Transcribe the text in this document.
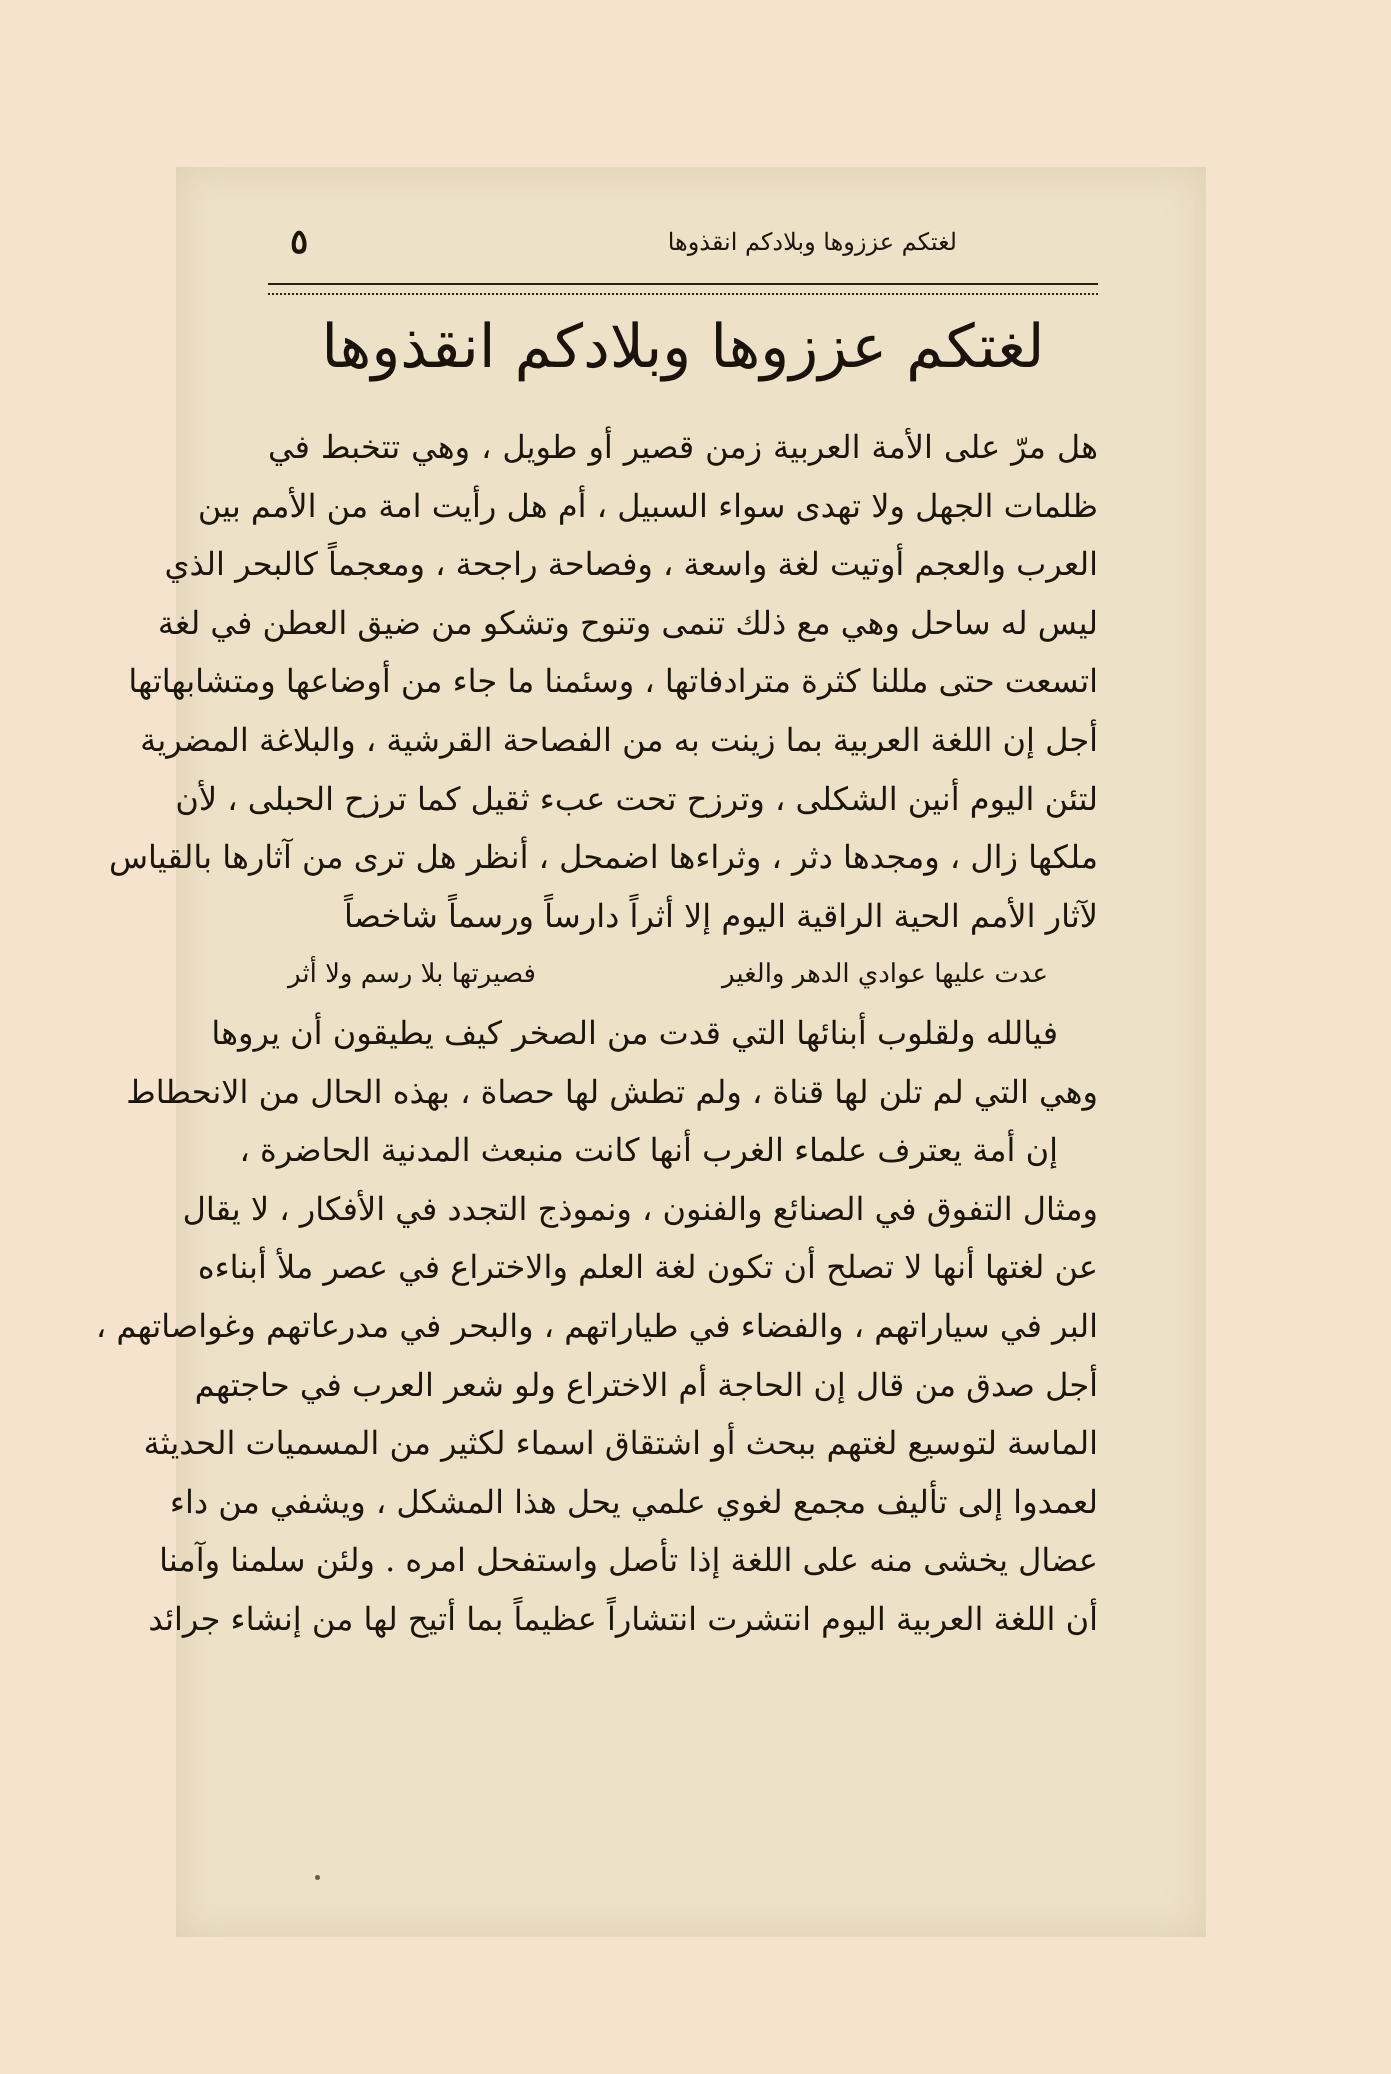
٥	لغتكم عززوها وبلادكم انقذوها
لغتكم عززوها وبلادكم انقذوها
هل مرّ على الأمة العربية زمن قصير أو طويل ، وهي تتخبط في
ظلمات الجهل ولا تهدى سواء السبيل ، أم هل رأيت امة من الأمم بين
العرب والعجم أوتيت لغة واسعة ، وفصاحة راجحة ، ومعجماً كالبحر الذي
ليس له ساحل وهي مع ذلك تنمى وتنوح وتشكو من ضيق العطن في لغة
اتسعت حتى مللنا كثرة مترادفاتها ، وسئمنا ما جاء من أوضاعها ومتشابهاتها
أجل إن اللغة العربية بما زينت به من الفصاحة القرشية ، والبلاغة المضرية
لتئن اليوم أنين الشكلى ، وترزح تحت عبء ثقيل كما ترزح الحبلى ، لأن
ملكها زال ، ومجدها دثر ، وثراءها اضمحل ، أنظر هل ترى من آثارها بالقياس
لآثار الأمم الحية الراقية اليوم إلا أثراً دارساً ورسماً شاخصاً
عدت عليها عوادي الدهر والغير
فصيرتها بلا رسم ولا أثر
فيالله ولقلوب أبنائها التي قدت من الصخر كيف يطيقون أن يروها
وهي التي لم تلن لها قناة ، ولم تطش لها حصاة ، بهذه الحال من الانحطاط
إن أمة يعترف علماء الغرب أنها كانت منبعث المدنية الحاضرة ،
ومثال التفوق في الصنائع والفنون ، ونموذج التجدد في الأفكار ، لا يقال
عن لغتها أنها لا تصلح أن تكون لغة العلم والاختراع في عصر ملأ أبناءه
البر في سياراتهم ، والفضاء في طياراتهم ، والبحر في مدرعاتهم وغواصاتهم ،
أجل صدق من قال إن الحاجة أم الاختراع ولو شعر العرب في حاجتهم
الماسة لتوسيع لغتهم ببحث أو اشتقاق اسماء لكثير من المسميات الحديثة
لعمدوا إلى تأليف مجمع لغوي علمي يحل هذا المشكل ، ويشفي من داء
عضال يخشى منه على اللغة إذا تأصل واستفحل امره . ولئن سلمنا وآمنا
أن اللغة العربية اليوم انتشرت انتشاراً عظيماً بما أتيح لها من إنشاء جرائد
